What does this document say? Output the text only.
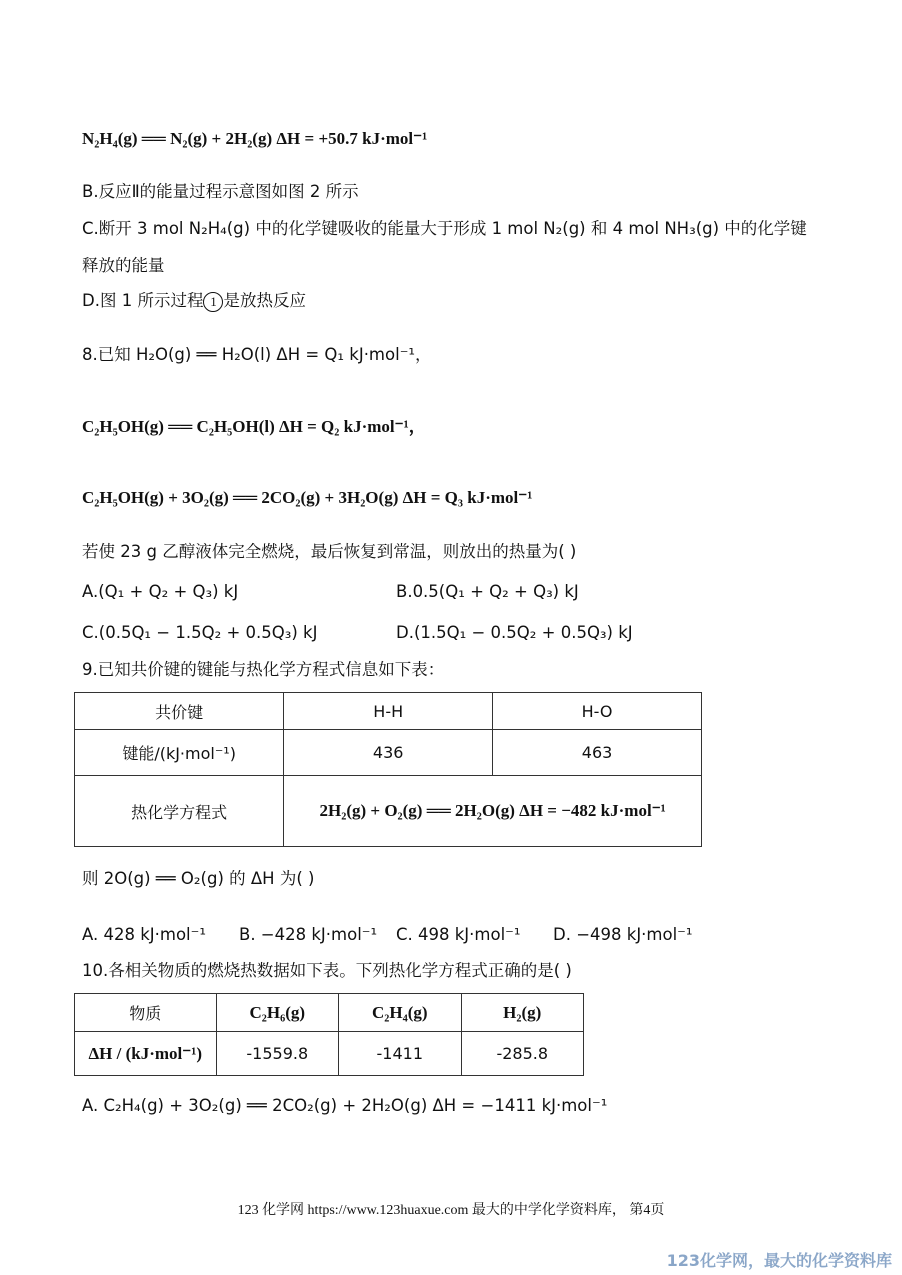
N₂H₄(g) ══ N₂(g) + 2H₂(g) ΔH = +50.7 kJ·mol⁻¹
B.反应Ⅱ的能量过程示意图如图 2 所示
C.断开 3 mol N₂H₄(g) 中的化学键吸收的能量大于形成 1 mol N₂(g) 和 4 mol NH₃(g) 中的化学键
释放的能量
D.图 1 所示过程 1 是放热反应
8.已知 H₂O(g) ══ H₂O(l) ΔH = Q₁ kJ·mol⁻¹，
C₂H₅OH(g) ══ C₂H₅OH(l) ΔH = Q₂ kJ·mol⁻¹，
C₂H₅OH(g) + 3O₂(g) ══ 2CO₂(g) + 3H₂O(g) ΔH = Q₃ kJ·mol⁻¹
若使 23 g 乙醇液体完全燃烧，最后恢复到常温，则放出的热量为( )
A.(Q₁ + Q₂ + Q₃) kJ	B.0.5(Q₁ + Q₂ + Q₃) kJ
C.(0.5Q₁ − 1.5Q₂ + 0.5Q₃) kJ	D.(1.5Q₁ − 0.5Q₂ + 0.5Q₃) kJ
9.已知共价键的键能与热化学方程式信息如下表：
共价键	H-H	H-O
键能/(kJ·mol⁻¹)	436	463
热化学方程式	2H₂(g) + O₂(g) ══ 2H₂O(g) ΔH = −482 kJ·mol⁻¹	
则 2O(g) ══ O₂(g) 的 ΔH 为( )
A. 428 kJ·mol⁻¹ B. −428 kJ·mol⁻¹ C. 498 kJ·mol⁻¹ D. −498 kJ·mol⁻¹
10.各相关物质的燃烧热数据如下表。下列热化学方程式正确的是( )
物质	C₂H₆(g)	C₂H₄(g)	H₂(g)
ΔH / (kJ·mol⁻¹)	-1559.8	-1411	-285.8
A. C₂H₄(g) + 3O₂(g) ══ 2CO₂(g) + 2H₂O(g) ΔH = −1411 kJ·mol⁻¹
123 化学网 https://www.123huaxue.com 最大的中学化学资料库， 第4页
123化学网，最大的化学资料库
